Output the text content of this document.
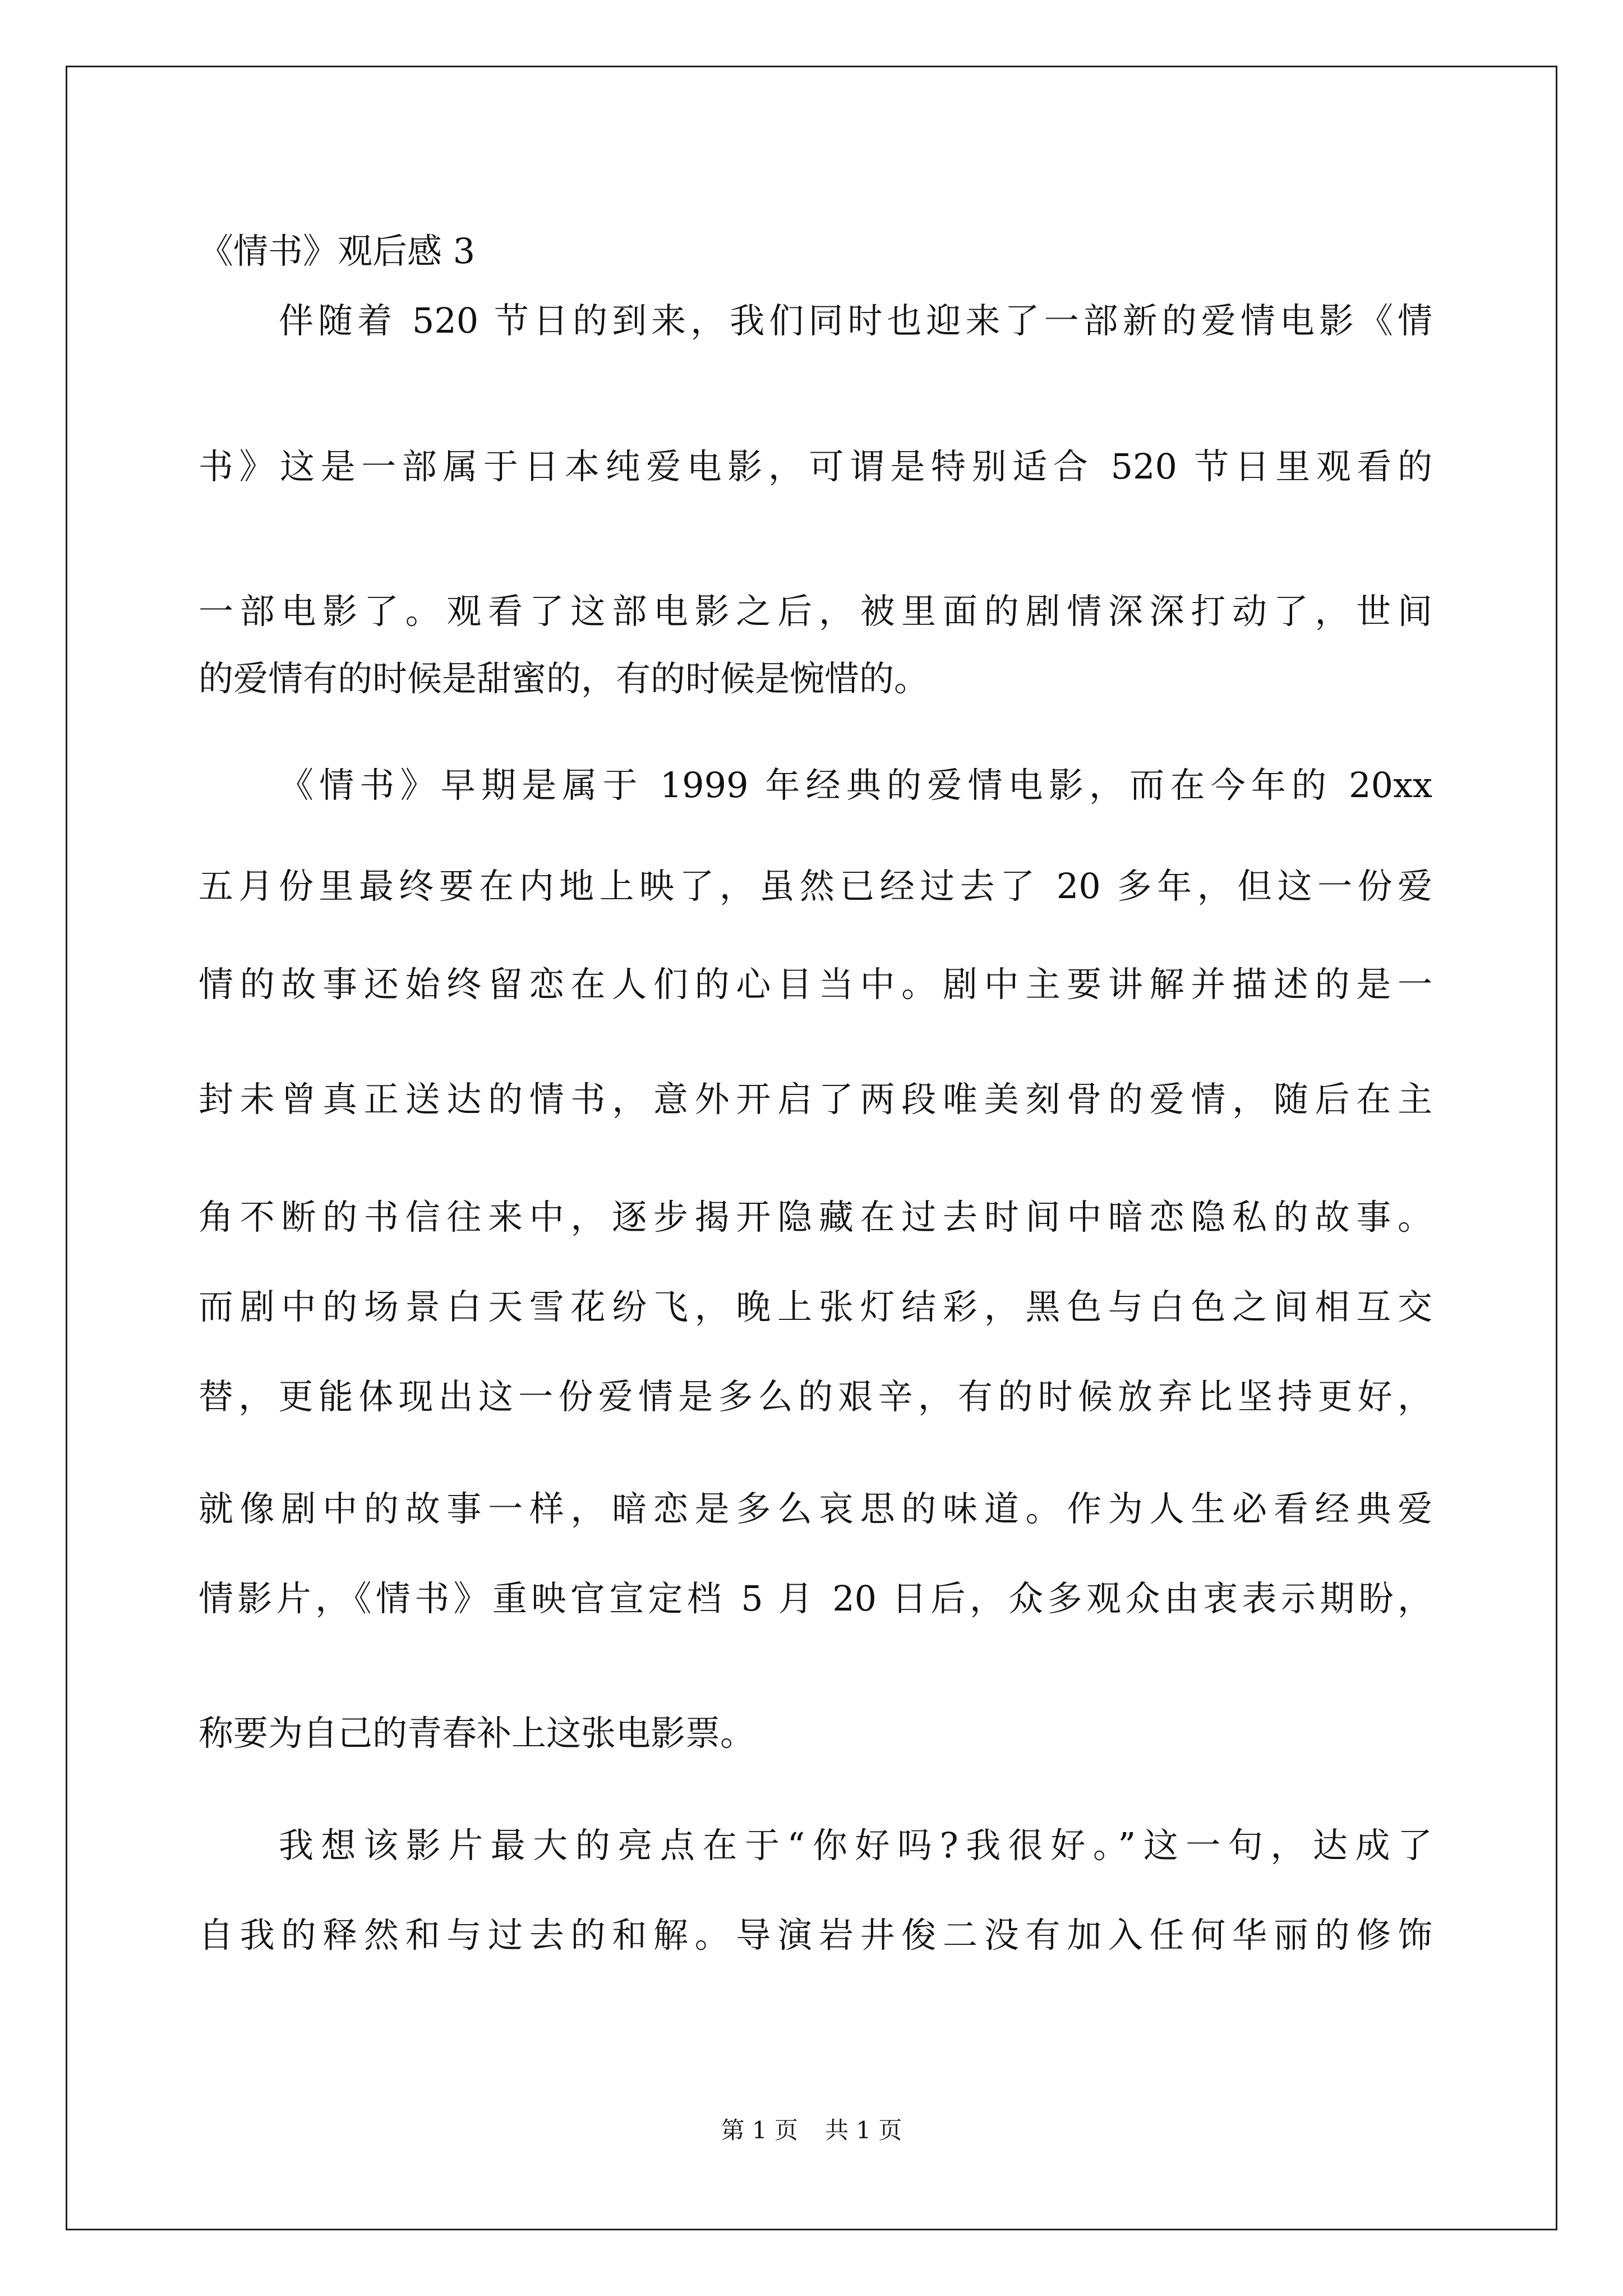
《情书》观后感 3
伴随着 520 节日的到来，我们同时也迎来了一部新的爱情电影《情
书》这是一部属于日本纯爱电影，可谓是特别适合 520 节日里观看的
一部电影了。观看了这部电影之后，被里面的剧情深深打动了，世间
的爱情有的时候是甜蜜的，有的时候是惋惜的。
《情书》早期是属于 1999 年经典的爱情电影，而在今年的 20xx
五月份里最终要在内地上映了，虽然已经过去了 20 多年，但这一份爱
情的故事还始终留恋在人们的心目当中。剧中主要讲解并描述的是一
封未曾真正送达的情书，意外开启了两段唯美刻骨的爱情，随后在主
角不断的书信往来中，逐步揭开隐藏在过去时间中暗恋隐私的故事。
而剧中的场景白天雪花纷飞，晚上张灯结彩，黑色与白色之间相互交
替，更能体现出这一份爱情是多么的艰辛，有的时候放弃比坚持更好，
就像剧中的故事一样，暗恋是多么哀思的味道。作为人生必看经典爱
情影片，《情书》重映官宣定档 5 月 20 日后，众多观众由衷表示期盼，
称要为自己的青春补上这张电影票。
我想该影片最大的亮点在于“你好吗?我很好。”这一句，达成了
自我的释然和与过去的和解。导演岩井俊二没有加入任何华丽的修饰
第 1 页 共 1 页
